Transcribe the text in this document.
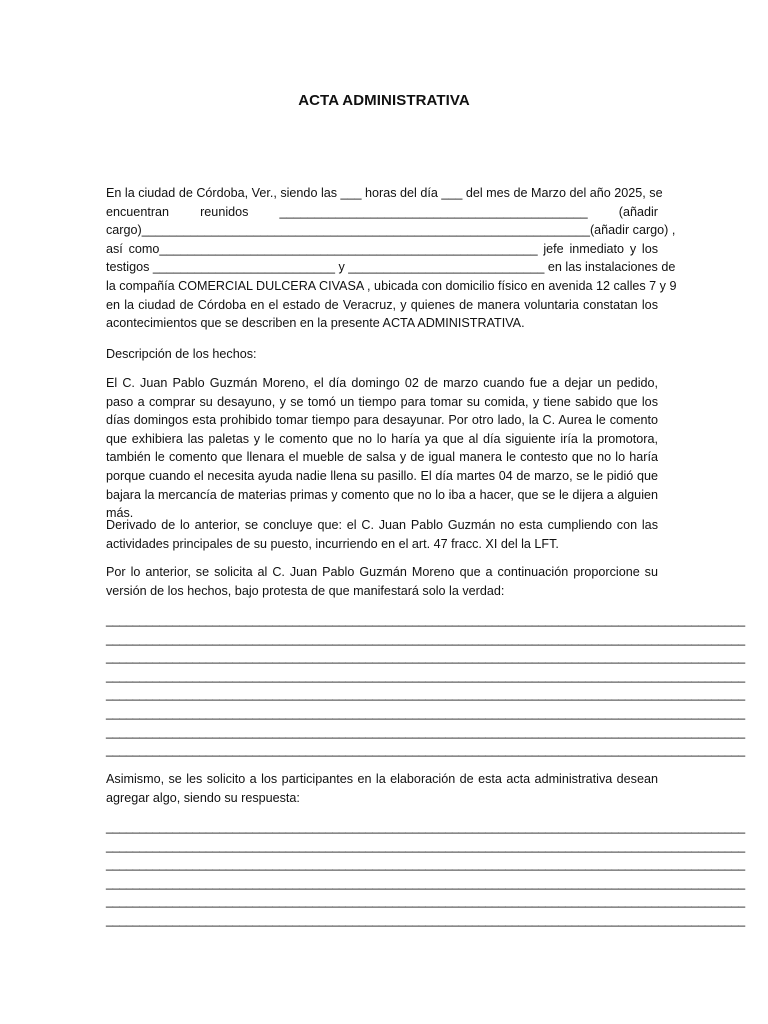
ACTA ADMINISTRATIVA
En la ciudad de Córdoba, Ver., siendo las ___ horas del día ___ del mes de Marzo del año 2025, se
encuentran reunidos ____________________________________________ (añadir
cargo)________________________________________________________________(añadir cargo) ,
así como______________________________________________________ jefe inmediato y los
testigos __________________________ y ____________________________ en las instalaciones de
la compañía COMERCIAL DULCERA CIVASA , ubicada con domicilio físico en avenida 12 calles 7 y 9
en la ciudad de Córdoba en el estado de Veracruz, y quienes de manera voluntaria constatan los
acontecimientos que se describen en la presente ACTA ADMINISTRATIVA.
Descripción de los hechos:

El C. Juan Pablo Guzmán Moreno, el día domingo 02 de marzo cuando fue a dejar un pedido, paso a comprar su desayuno, y se tomó un tiempo para tomar su comida, y tiene sabido que los días domingos esta prohibido tomar tiempo para desayunar. Por otro lado, la C. Aurea le comento que exhibiera las paletas y le comento que no lo haría ya que al día siguiente iría la promotora, también le comento que llenara el mueble de salsa y de igual manera le contesto que no lo haría porque cuando el necesita ayuda nadie llena su pasillo. El día martes 04 de marzo, se le pidió que bajara la mercancía de materias primas y comento que no lo iba a hacer, que se le dijera a alguien más.

Derivado de lo anterior, se concluye que: el C. Juan Pablo Guzmán no esta cumpliendo con las actividades principales de su puesto, incurriendo en el art. 47 fracc. XI del la LFT.

Por lo anterior, se solicita al C. Juan Pablo Guzmán Moreno que a continuación proporcione su versión de los hechos, bajo protesta de que manifestará solo la verdad:

________________________________________________________________________________________________
________________________________________________________________________________________________
________________________________________________________________________________________________
________________________________________________________________________________________________
________________________________________________________________________________________________
________________________________________________________________________________________________
________________________________________________________________________________________________
________________________________________________________________________________________________

Asimismo, se les solicito a los participantes en la elaboración de esta acta administrativa desean agregar algo, siendo su respuesta:

________________________________________________________________________________________________
________________________________________________________________________________________________
________________________________________________________________________________________________
________________________________________________________________________________________________
________________________________________________________________________________________________
________________________________________________________________________________________________
